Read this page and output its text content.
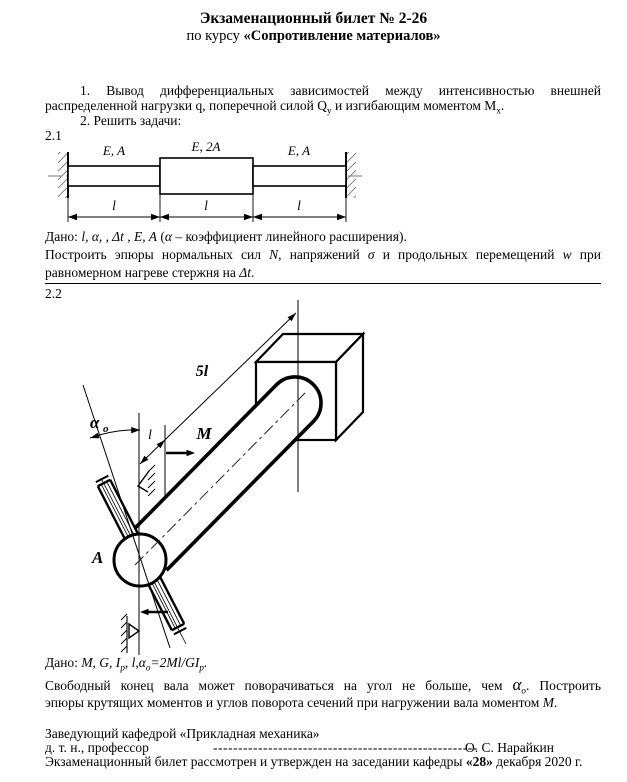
Экзаменационный билет № 2-26
по курсу «Сопротивление материалов»
1. Вывод дифференциальных зависимостей между интенсивностью внешней
распределенной нагрузки q, поперечной силой $Q_y$ и изгибающим моментом $M_x$.
2. Решить задачи:
2.1
E, A	E, 2A	E, A
l	l	l
Дано: l, α, , Δt , E, A (α – коэффициент линейного расширения).
Построить эпюры нормальных сил N, напряжений σ и продольных перемещений w при
равномерном нагреве стержня на Δt.
2.2
5l
α o	l	M
A
Дано: M, G, $I_p$, $l,\alpha_o=2Ml/GI_p$.
Свободный конец вала может поворачиваться на угол не больше, чем $\alpha_о$. Построить
эпюры крутящих моментов и углов поворота сечений при нагружении вала моментом M.
Заведующий кафедрой «Прикладная механика»
д. т. н., профессор	-----------------------------------------------------
О. С. Нарайкин
Экзаменационный билет рассмотрен и утвержден на заседании кафедры «28» декабря 2020 г.
